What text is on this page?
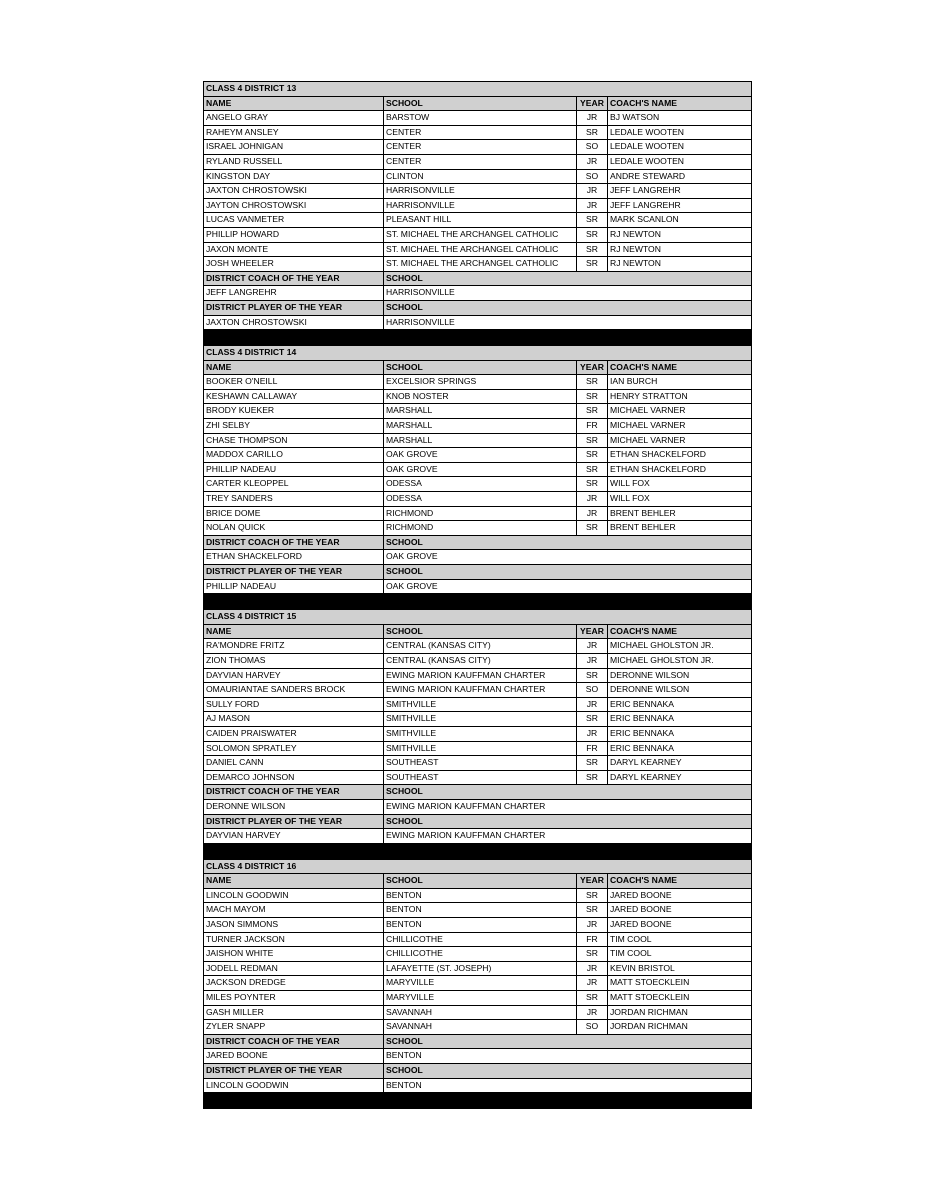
CLASS 4 DISTRICT 13			
NAME	SCHOOL	YEAR	COACH'S NAME
ANGELO GRAY	BARSTOW	JR	BJ WATSON
RAHEYM ANSLEY	CENTER	SR	LEDALE WOOTEN
ISRAEL JOHNIGAN	CENTER	SO	LEDALE WOOTEN
RYLAND RUSSELL	CENTER	JR	LEDALE WOOTEN
KINGSTON DAY	CLINTON	SO	ANDRE STEWARD
JAXTON CHROSTOWSKI	HARRISONVILLE	JR	JEFF LANGREHR
JAYTON CHROSTOWSKI	HARRISONVILLE	JR	JEFF LANGREHR
LUCAS VANMETER	PLEASANT HILL	SR	MARK SCANLON
PHILLIP HOWARD	ST. MICHAEL THE ARCHANGEL CATHOLIC	SR	RJ NEWTON
JAXON MONTE	ST. MICHAEL THE ARCHANGEL CATHOLIC	SR	RJ NEWTON
JOSH WHEELER	ST. MICHAEL THE ARCHANGEL CATHOLIC	SR	RJ NEWTON
DISTRICT COACH OF THE YEAR	SCHOOL		
JEFF LANGREHR	HARRISONVILLE		
DISTRICT PLAYER OF THE YEAR	SCHOOL		
JAXTON CHROSTOWSKI	HARRISONVILLE		

CLASS 4 DISTRICT 14			
NAME	SCHOOL	YEAR	COACH'S NAME
BOOKER O'NEILL	EXCELSIOR SPRINGS	SR	IAN BURCH
KESHAWN CALLAWAY	KNOB NOSTER	SR	HENRY STRATTON
BRODY KUEKER	MARSHALL	SR	MICHAEL VARNER
ZHI SELBY	MARSHALL	FR	MICHAEL VARNER
CHASE THOMPSON	MARSHALL	SR	MICHAEL VARNER
MADDOX CARILLO	OAK GROVE	SR	ETHAN SHACKELFORD
PHILLIP NADEAU	OAK GROVE	SR	ETHAN SHACKELFORD
CARTER KLEOPPEL	ODESSA	SR	WILL FOX
TREY SANDERS	ODESSA	JR	WILL FOX
BRICE DOME	RICHMOND	JR	BRENT BEHLER
NOLAN QUICK	RICHMOND	SR	BRENT BEHLER
DISTRICT COACH OF THE YEAR	SCHOOL		
ETHAN SHACKELFORD	OAK GROVE		
DISTRICT PLAYER OF THE YEAR	SCHOOL		
PHILLIP NADEAU	OAK GROVE		

CLASS 4 DISTRICT 15			
NAME	SCHOOL	YEAR	COACH'S NAME
RA'MONDRE FRITZ	CENTRAL (KANSAS CITY)	JR	MICHAEL GHOLSTON JR.
ZION THOMAS	CENTRAL (KANSAS CITY)	JR	MICHAEL GHOLSTON JR.
DAYVIAN HARVEY	EWING MARION KAUFFMAN CHARTER	SR	DERONNE WILSON
OMAURIANTAE SANDERS BROCK	EWING MARION KAUFFMAN CHARTER	SO	DERONNE WILSON
SULLY FORD	SMITHVILLE	JR	ERIC BENNAKA
AJ MASON	SMITHVILLE	SR	ERIC BENNAKA
CAIDEN PRAISWATER	SMITHVILLE	JR	ERIC BENNAKA
SOLOMON SPRATLEY	SMITHVILLE	FR	ERIC BENNAKA
DANIEL CANN	SOUTHEAST	SR	DARYL KEARNEY
DEMARCO JOHNSON	SOUTHEAST	SR	DARYL KEARNEY
DISTRICT COACH OF THE YEAR	SCHOOL		
DERONNE WILSON	EWING MARION KAUFFMAN CHARTER		
DISTRICT PLAYER OF THE YEAR	SCHOOL		
DAYVIAN HARVEY	EWING MARION KAUFFMAN CHARTER		

CLASS 4 DISTRICT 16			
NAME	SCHOOL	YEAR	COACH'S NAME
LINCOLN GOODWIN	BENTON	SR	JARED BOONE
MACH MAYOM	BENTON	SR	JARED BOONE
JASON SIMMONS	BENTON	JR	JARED BOONE
TURNER JACKSON	CHILLICOTHE	FR	TIM COOL
JAISHON WHITE	CHILLICOTHE	SR	TIM COOL
JODELL REDMAN	LAFAYETTE (ST. JOSEPH)	JR	KEVIN BRISTOL
JACKSON DREDGE	MARYVILLE	JR	MATT STOECKLEIN
MILES POYNTER	MARYVILLE	SR	MATT STOECKLEIN
GASH MILLER	SAVANNAH	JR	JORDAN RICHMAN
ZYLER SNAPP	SAVANNAH	SO	JORDAN RICHMAN
DISTRICT COACH OF THE YEAR	SCHOOL		
JARED BOONE	BENTON		
DISTRICT PLAYER OF THE YEAR	SCHOOL		
LINCOLN GOODWIN	BENTON		
